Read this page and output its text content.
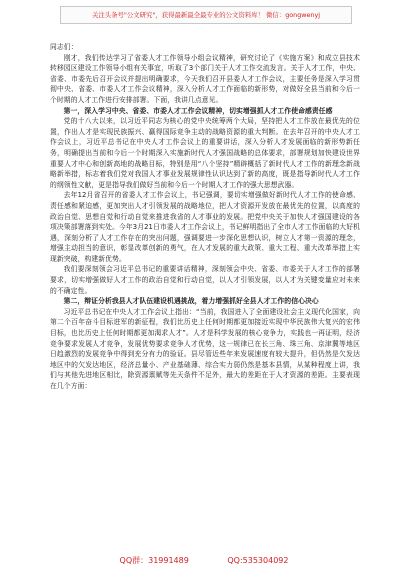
关注头条号"公文研究"，获得最新最全最专业的公文资料库！ 微信：gongwenyj

同志们：

刚才，我们传达学习了省委人才工作领导小组会议精神，研究讨论了《实施方案》和成立县技术转移园区建设工作领导小组有关事宜，听取了3个部门关于人才工作交流发言。关于人才工作，中央、省委、市委先后召开会议并提出明确要求，今天我们召开县委人才工作会议，主要任务是深入学习贯彻中央、省委、市委人才工作会议精神，深入分析人才工作面临的新形势，对做好全县当前和今后一个时期的人才工作进行安排部署。下面，我讲几点意见。

第一，深入学习中央、省委、市委人才工作会议精神，切实增强抓人才工作使命感责任感

党的十八大以来，以习近平同志为核心的党中央统筹两个大局，坚持把人才工作放在最优先的位置，作出人才是实现民族振兴、赢得国际竞争主动的战略资源的重大判断。在去年召开的中央人才工作会议上，习近平总书记在中央人才工作会议上的重要讲话，深入分析人才发展面临的新形势新任务，明确提出当前和今后一个时期深入实施新时代人才强国战略的总体要求，部署规划加快建设世界重要人才中心和创新高地的战略目标，特别是用“八个坚持”精辟概括了新时代人才工作的新理念新战略新举措，标志着我们党对我国人才事业发展规律性认识达到了新的高度，既是指导新时代人才工作的纲领性文献，更是指导我们做好当前和今后一个时期人才工作的强大思想武器。

去年12月省召开的省委人才工作会议上，书记强调，要切实增强做好新时代人才工作的使命感、责任感和紧迫感，更加突出人才引领发展的战略地位，把人才资源开发放在最优先的位置，以高度的政治自觉、思想自觉和行动自觉来推进我省的人才事业的发展。把党中央关于加快人才强国建设的各项决策部署落到实处。今年3月21日市委人才工作会议上，书记鲜明指出了全市人才工作面临的大好机遇，深刻分析了人才工作存在的突出问题，强调要进一步深化思想认识，树立人才第一资源的理念，增强主动担当的意识，彰显改革创新的勇气，在人才发展的重大政策、重大工程、重大改革举措上实现新突破，构建新优势。

我们要深刻领会习近平总书记的重要讲话精神，深刻领会中央、省委、市委关于人才工作的部署要求，切实增强做好人才工作的政治自觉和行动自觉，以人才引领发展，以人才为关键变量应对未来的不确定性。

第二，辩证分析我县人才队伍建设机遇挑战，着力增强抓好全县人才工作的信心决心

习近平总书记在中央人才工作会议上指出：“当前，我国进入了全面建设社会主义现代化国家，向第二个百年奋斗目标进军的新征程，我们比历史上任何时期都更加接近实现中华民族伟大复兴的宏伟目标，也比历史上任何时期都更加渴求人才”。人才是科学发展的核心竞争力，实践也一再证明，经济竞争要求发展人才竞争，发展优势要求竞争人才优势，这一规律已在长三角、珠三角、京津冀等地区日趋激烈的发展竞争中得到充分有力的验证。县尽管近些年来发展速度有较大提升，但仍然是欠发达地区中的欠发达地区，经济总量小、产业基础薄、综合实力弱仍然是基本县情，从某种程度上讲，我们与其他先进地区相比，除资源禀赋等先天条件不足外，最大的差距在于人才资源的差距。主要表现在几个方面：

QQ群：31991489	QQ:535304092
